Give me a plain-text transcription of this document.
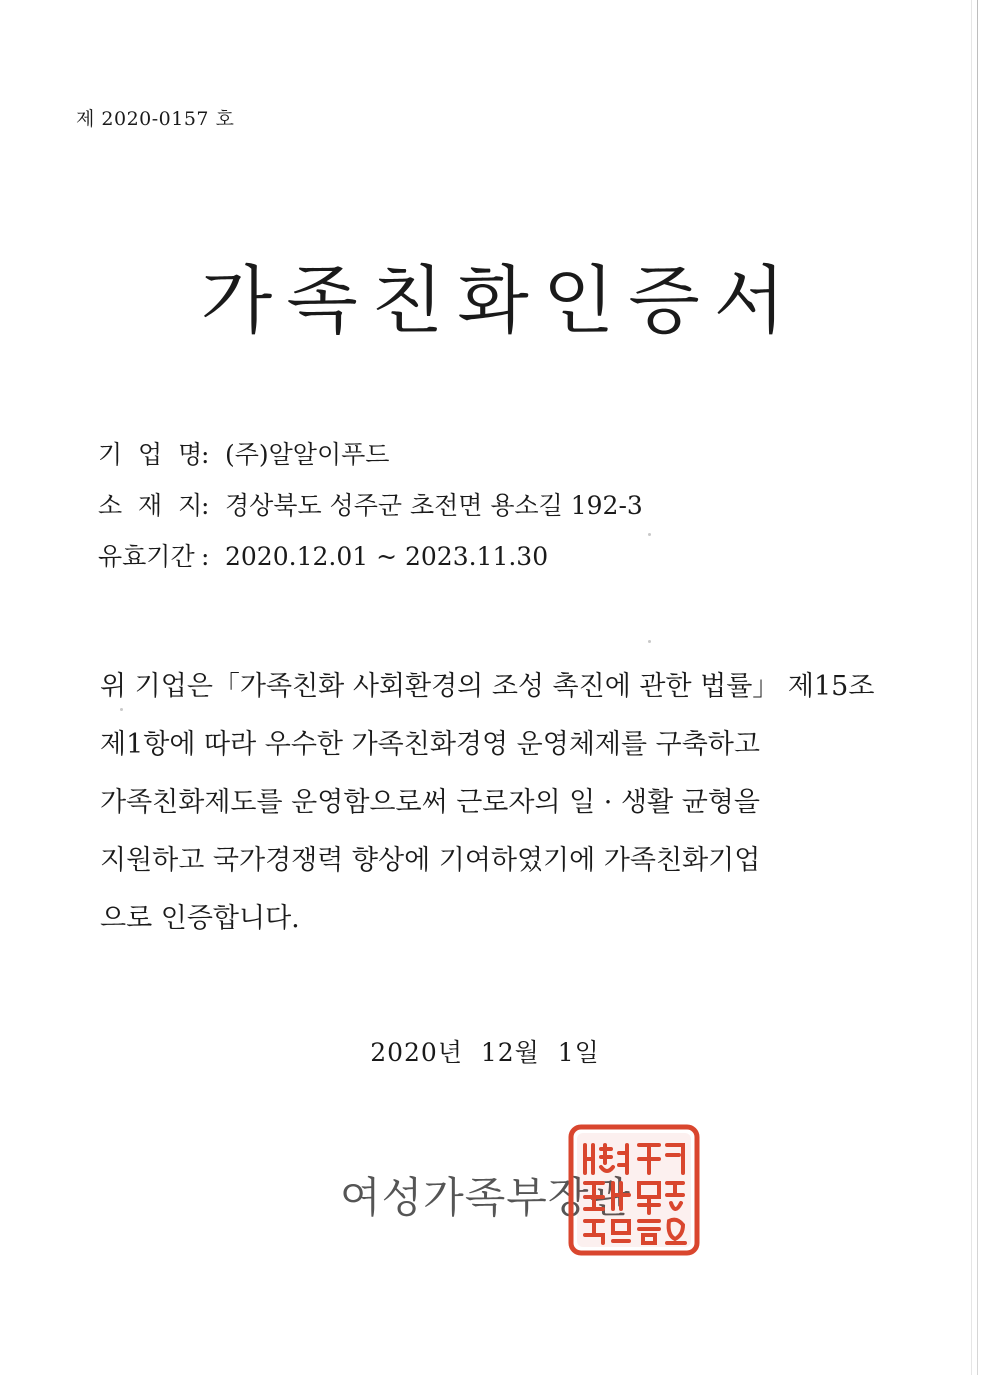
제 2020-0157 호
가족친화인증서
기  업  명: (주)알알이푸드
소  재  지: 경상북도 성주군 초전면 용소길 192-3
유효기간 : 2020.12.01 ~ 2023.11.30
위 기업은「가족친화 사회환경의 조성 촉진에 관한 법률」 제15조
제1항에 따라 우수한 가족친화경영 운영체제를 구축하고
가족친화제도를 운영함으로써 근로자의 일 · 생활 균형을
지원하고 국가경쟁력 향상에 기여하였기에 가족친화기업
으로 인증합니다.
2020년  12월  1일
여성가족부장관
